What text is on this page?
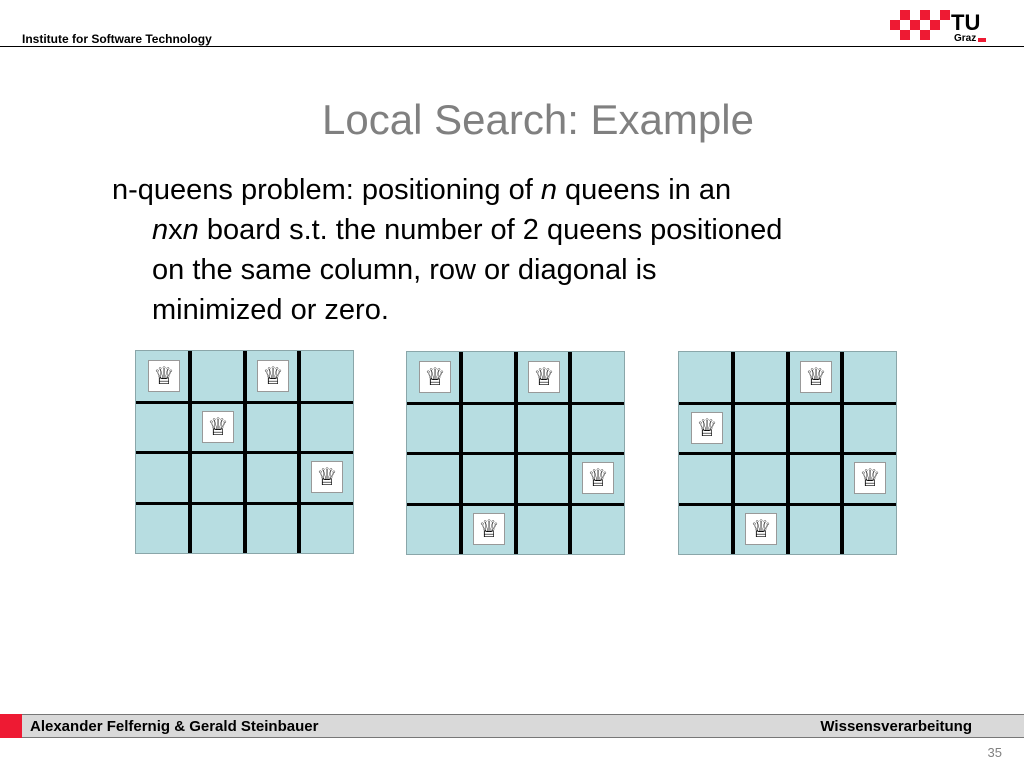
Institute for Software Technology
TU
Graz
Local Search: Example
n-queens problem: positioning of n queens in an
nxn board s.t. the number of 2 queens positioned
on the same column, row or diagonal is
minimized or zero.
♕	♕
♕
♕
♕	♕
♕
♕
♕
♕
♕
♕
Alexander Felfernig & Gerald Steinbauer	Wissensverarbeitung
35
